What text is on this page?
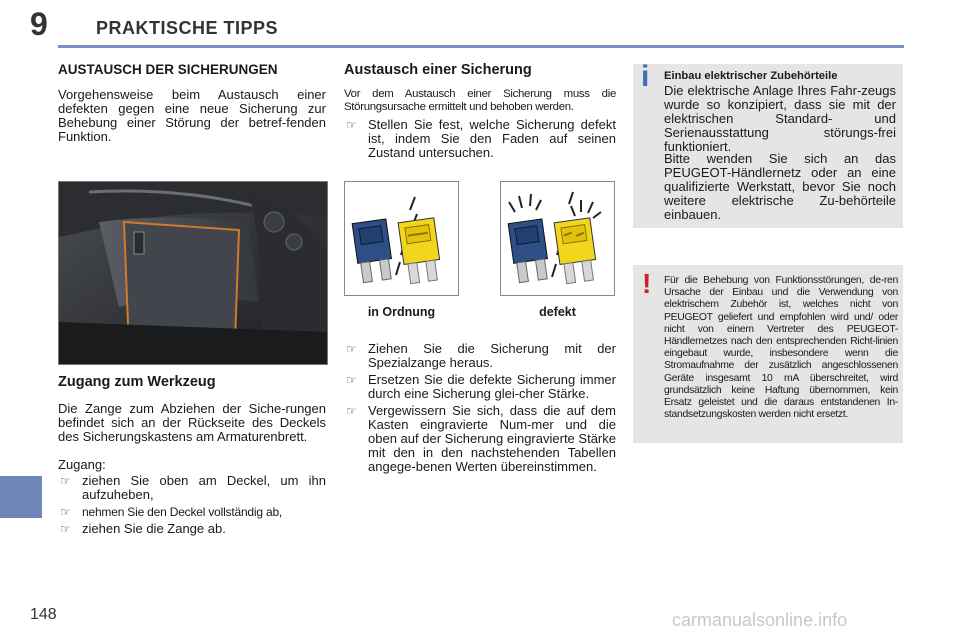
9	PRAKTISCHE TIPPS
AUSTAUSCH DER SICHERUNGEN
Vorgehensweise beim Austausch einer defekten gegen eine neue Sicherung zur Behebung einer Störung der betref-fenden Funktion.
Zugang zum Werkzeug
Die Zange zum Abziehen der Siche-rungen befindet sich an der Rückseite des Deckels des Sicherungskastens am Armaturenbrett.
Zugang:
☞ ziehen Sie oben am Deckel, um ihn aufzuheben,
☞ nehmen Sie den Deckel vollständig ab,
☞ ziehen Sie die Zange ab.
Austausch einer Sicherung
Vor dem Austausch einer Sicherung muss die Störungsursache ermittelt und behoben werden.
☞ Stellen Sie fest, welche Sicherung defekt ist, indem Sie den Faden auf seinen Zustand untersuchen.
in Ordnung	defekt
☞ Ziehen Sie die Sicherung mit der Spezialzange heraus.
☞ Ersetzen Sie die defekte Sicherung immer durch eine Sicherung glei-cher Stärke.
☞ Vergewissern Sie sich, dass die auf dem Kasten eingravierte Num-mer und die oben auf der Sicherung eingravierte Stärke mit den in den nachstehenden Tabellen angege-benen Werten übereinstimmen.
i Einbau elektrischer Zubehörteile
Die elektrische Anlage Ihres Fahr-zeugs wurde so konzipiert, dass sie mit der elektrischen Standard- und Serienausstattung störungs-frei funktioniert.
Bitte wenden Sie sich an das PEUGEOT-Händlernetz oder an eine qualifizierte Werkstatt, bevor Sie noch weitere elektrische Zu-behörteile einbauen.
! Für die Behebung von Funktionsstörungen, de-ren Ursache der Einbau und die Verwendung von elektrischem Zubehör ist, welches nicht von PEUGEOT geliefert und empfohlen wird und/ oder nicht von einem Vertreter des PEUGEOT-Händlernetzes nach den entsprechenden Richt-linien eingebaut wurde, insbesondere wenn die Stromaufnahme der zusätzlich angeschlossenen Geräte insgesamt 10 mA überschreitet, wird grundsätzlich keine Haftung übernommen, kein Ersatz geleistet und die daraus entstandenen In-standsetzungskosten werden nicht ersetzt.
148	carmanualsonline.info
